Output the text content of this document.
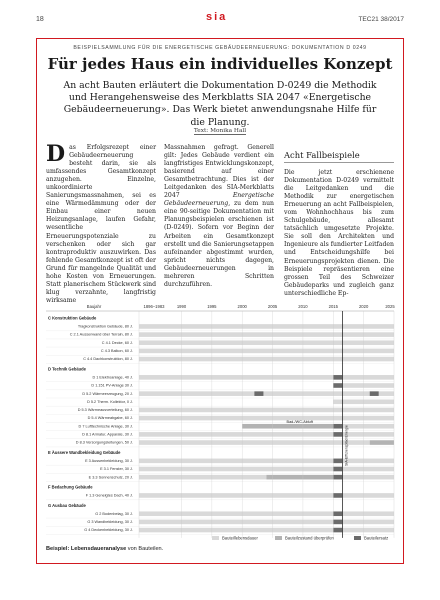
18	sia	TEC21 38/2017
BEISPIELSAMMLUNG FÜR DIE ENERGETISCHE GEBÄUDEERNEUERUNG: DOKUMENTATION D 0249
Für jedes Haus ein individuelles Konzept

An acht Bauten erläutert die Dokumentation D-0249 die Methodik und Herangehensweise des Merkblatts SIA 2047 «Energetische Gebäudeerneuerung». Das Werk bietet anwendungsnahe Hilfe für die Planung.

Text: Monika Hall
Das Erfolgsrezept einer Gebäudeerneuerung besteht darin, sie als umfassendes Gesamtkonzept anzugehen. Einzelne, unkoordinierte Sanierungsmassnahmen, sei es eine Wärmedämmung oder der Einbau einer neuen Heizungsanlage, laufen Gefahr, wesentliche Erneuerungspotenziale zu verschenken oder sich gar kontraproduktiv auszuwirken. Das fehlende Gesamtkonzept ist oft der Grund für mangelnde Qualität und hohe Kosten von Erneuerungen. Statt planerischem Stückwerk sind klug verzahnte, langfristig wirksame
Massnahmen gefragt. Generell gilt: Jedes Gebäude verdient ein langfristiges Entwicklungskonzept, basierend auf einer Gesamtbetrachtung. Dies ist der Leitgedanken des SIA-Merkblatts 2047 Energetische Gebäudeerneuerung, zu dem nun eine 90-seitige Dokumentation mit Planungsbeispielen erschienen ist (D-0249). Sofern vor Beginn der Arbeiten ein Gesamtkonzept erstellt und die Sanierungsetappen aufeinander abgestimmt wurden, spricht nichts dagegen, Gebäudeerneuerungen in mehreren Schritten durchzuführen.
Acht Fallbeispiele
Die jetzt erschienene Dokumentation D-0249 vermittelt die Leitgedanken und die Methodik zur energetischen Erneuerung an acht Fallbeispielen, vom Wohnhochhaus bis zum Schulgebäude, allesamt tatsächlich umgesetzte Projekte. Sie soll den Architekten und Ingenieure als fundierter Leitfaden und Entscheidungshilfe bei Erneuerungsprojekten dienen. Die Beispiele repräsentieren eine grossen Teil des Schweizer Gebäudeparks und zugleich ganz unterschiedliche Ep-
Baujahr	1896–1983	1990	1995	2000	2005	2010	2015	2020	2025
C Konstruktion Gebäude
Tragkonstruktion Gebäude, 80 J.
C 2.1 Aussenwand über Terrain, 80 J.
C 4.1 Decke, 60 J.
C 4.3 Balkon, 60 J.
C 4.4 Dachkonstruktion, 80 J.
D Technik Gebäude
D 1 Elektroanlage, 40 J.
D 1.151 PV-Anlage 30 J.
D 5.2 Wärmeerzeugung, 20 J.
D 5.2 Therm. Kollektor, 0 J.
D 5.3 Wärmeausverteilung, 60 J.
D 5.4 Wärmeabgabe, 60 J.
D 7 Lufttechnische Anlage, 30 J.
D 8.1 Armatur, Apparate, 30 J.
D 8.3 Versorgungsleitungen, 50 J.
E Äussere Wandbekleidung Gebäude
E 3 Aussenbekleidung, 30 J.
E 3.1 Fenster, 30 J.
E 3.3 Sonnenschutz, 20 J.
F Bedachung Gebäude
F 1.3 Geneigtes Dach, 40 J.
G Ausbau Gebäude
G 2 Bodenbelag, 30 J.
G 3 Wandbekleidung, 30 J.
G 4 Deckenbekleidung, 30 J.
SIA-Effizienzpfad Energie
Bad-/WC-Abluft
Bauteillebensdauer	Bauteilzustand überprüfen	Bauteilersatz
Beispiel: Lebensdaueranalyse von Bauteilen.
